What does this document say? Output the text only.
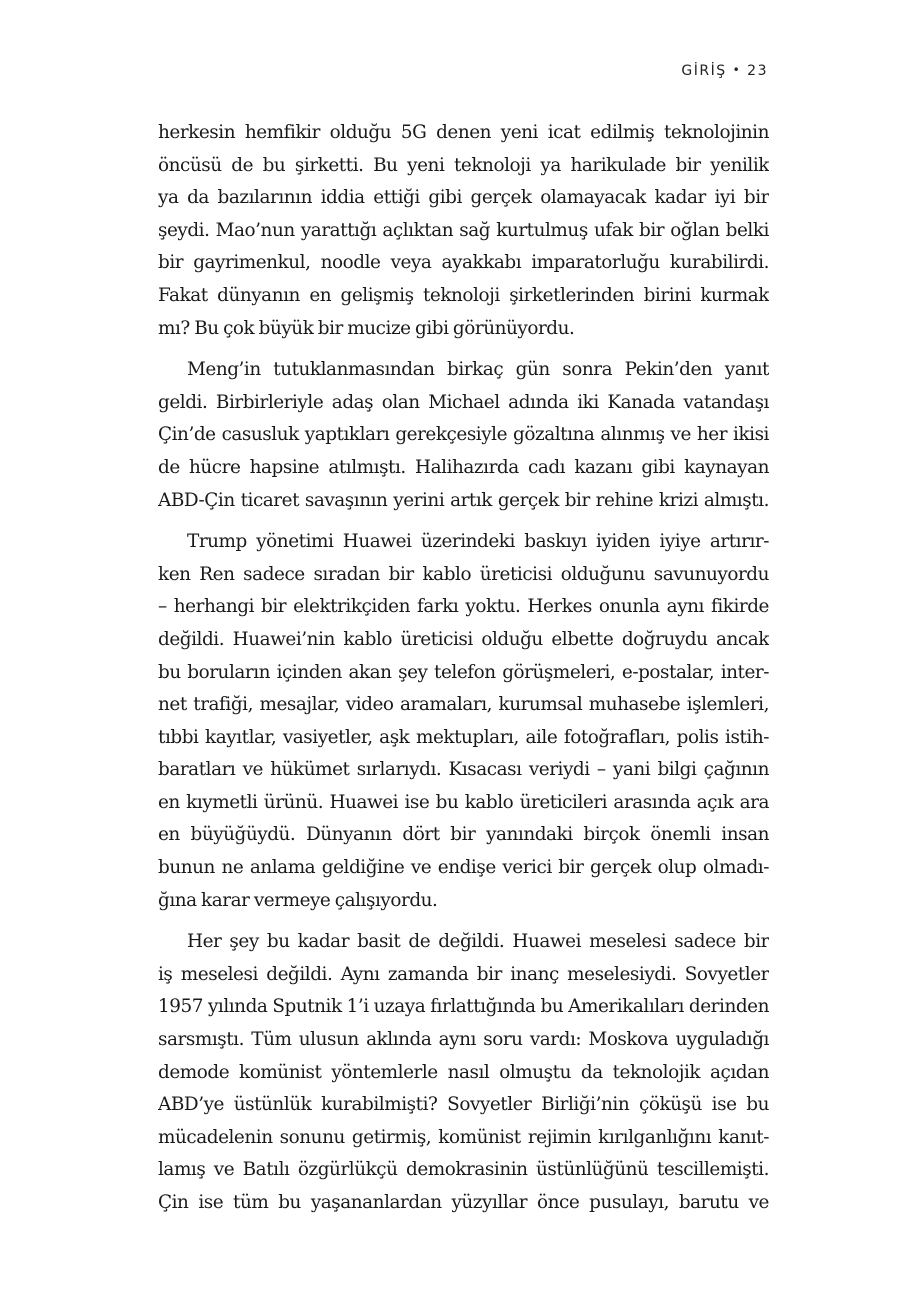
GİRİŞ • 23
herkesin hemfikir olduğu 5G denen yeni icat edilmiş teknolojinin
öncüsü de bu şirketti. Bu yeni teknoloji ya harikulade bir yenilik
ya da bazılarının iddia ettiği gibi gerçek olamayacak kadar iyi bir
şeydi. Mao’nun yarattığı açlıktan sağ kurtulmuş ufak bir oğlan belki
bir gayrimenkul, noodle veya ayakkabı imparatorluğu kurabilirdi.
Fakat dünyanın en gelişmiş teknoloji şirketlerinden birini kurmak
mı? Bu çok büyük bir mucize gibi görünüyordu.
Meng’in tutuklanmasından birkaç gün sonra Pekin’den yanıt
geldi. Birbirleriyle adaş olan Michael adında iki Kanada vatandaşı
Çin’de casusluk yaptıkları gerekçesiyle gözaltına alınmış ve her ikisi
de hücre hapsine atılmıştı. Halihazırda cadı kazanı gibi kaynayan
ABD-Çin ticaret savaşının yerini artık gerçek bir rehine krizi almıştı.
Trump yönetimi Huawei üzerindeki baskıyı iyiden iyiye artırır-
ken Ren sadece sıradan bir kablo üreticisi olduğunu savunuyordu
– herhangi bir elektrikçiden farkı yoktu. Herkes onunla aynı fikirde
değildi. Huawei’nin kablo üreticisi olduğu elbette doğruydu ancak
bu boruların içinden akan şey telefon görüşmeleri, e-postalar, inter-
net trafiği, mesajlar, video aramaları, kurumsal muhasebe işlemleri,
tıbbi kayıtlar, vasiyetler, aşk mektupları, aile fotoğrafları, polis istih-
baratları ve hükümet sırlarıydı. Kısacası veriydi – yani bilgi çağının
en kıymetli ürünü. Huawei ise bu kablo üreticileri arasında açık ara
en büyüğüydü. Dünyanın dört bir yanındaki birçok önemli insan
bunun ne anlama geldiğine ve endişe verici bir gerçek olup olmadı-
ğına karar vermeye çalışıyordu.
Her şey bu kadar basit de değildi. Huawei meselesi sadece bir
iş meselesi değildi. Aynı zamanda bir inanç meselesiydi. Sovyetler
1957 yılında Sputnik 1’i uzaya fırlattığında bu Amerikalıları derinden
sarsmıştı. Tüm ulusun aklında aynı soru vardı: Moskova uyguladığı
demode komünist yöntemlerle nasıl olmuştu da teknolojik açıdan
ABD’ye üstünlük kurabilmişti? Sovyetler Birliği’nin çöküşü ise bu
mücadelenin sonunu getirmiş, komünist rejimin kırılganlığını kanıt-
lamış ve Batılı özgürlükçü demokrasinin üstünlüğünü tescillemişti.
Çin ise tüm bu yaşananlardan yüzyıllar önce pusulayı, barutu ve
